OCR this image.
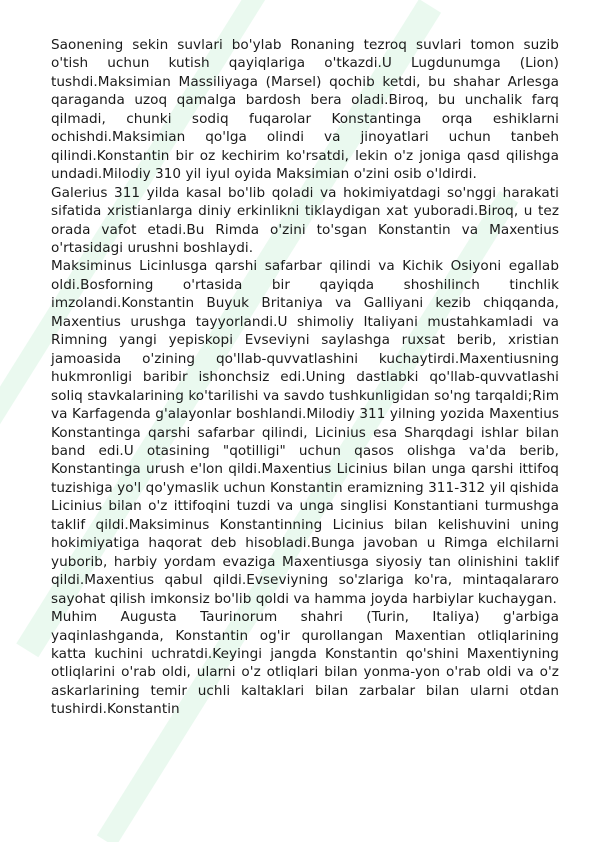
Saonening sekin suvlari bo'ylab Ronaning tezroq suvlari tomon suzib o'tish uchun kutish qayiqlariga o'tkazdi.U Lugdunumga (Lion) tushdi.Maksimian Massiliyaga (Marsel) qochib ketdi, bu shahar Arlesga qaraganda uzoq qamalga bardosh bera oladi.Biroq, bu unchalik farq qilmadi, chunki sodiq fuqarolar Konstantinga orqa eshiklarni ochishdi.Maksimian qo'lga olindi va jinoyatlari uchun tanbeh qilindi.Konstantin bir oz kechirim ko'rsatdi, lekin o'z joniga qasd qilishga undadi.Milodiy 310 yil iyul oyida Maksimian o'zini osib o'ldirdi.

Galerius 311 yilda kasal bo'lib qoladi va hokimiyatdagi so'nggi harakati sifatida xristianlarga diniy erkinlikni tiklaydigan xat yuboradi.Biroq, u tez orada vafot etadi.Bu Rimda o'zini to'sgan Konstantin va Maxentius o'rtasidagi urushni boshlaydi.

Maksiminus Licinlusga qarshi safarbar qilindi va Kichik Osiyoni egallab oldi.Bosforning o'rtasida bir qayiqda shoshilinch tinchlik imzolandi.Konstantin Buyuk Britaniya va Galliyani kezib chiqqanda, Maxentius urushga tayyorlandi.U shimoliy Italiyani mustahkamladi va Rimning yangi yepiskopi Evseviyni saylashga ruxsat berib, xristian jamoasida o'zining qo'llab-quvvatlashini kuchaytirdi.Maxentiusning hukmronligi baribir ishonchsiz edi.Uning dastlabki qo'llab-quvvatlashi soliq stavkalarining ko'tarilishi va savdo tushkunligidan so'ng tarqaldi;Rim va Karfagenda g'alayonlar boshlandi.Milodiy 311 yilning yozida Maxentius Konstantinga qarshi safarbar qilindi, Licinius esa Sharqdagi ishlar bilan band edi.U otasining "qotilligi" uchun qasos olishga va'da berib, Konstantinga urush e'lon qildi.Maxentius Licinius bilan unga qarshi ittifoq tuzishiga yo'l qo'ymaslik uchun Konstantin eramizning 311-312 yil qishida Licinius bilan o'z ittifoqini tuzdi va unga singlisi Konstantiani turmushga taklif qildi.Maksiminus Konstantinning Licinius bilan kelishuvini uning hokimiyatiga haqorat deb hisobladi.Bunga javoban u Rimga elchilarni yuborib, harbiy yordam evaziga Maxentiusga siyosiy tan olinishini taklif qildi.Maxentius qabul qildi.Evseviyning so'zlariga ko'ra, mintaqalararo sayohat qilish imkonsiz bo'lib qoldi va hamma joyda harbiylar kuchaygan.

Muhim Augusta Taurinorum shahri (Turin, Italiya) g'arbiga yaqinlashganda, Konstantin og'ir qurollangan Maxentian otliqlarining katta kuchini uchratdi.Keyingi jangda Konstantin qo'shini Maxentiyning otliqlarini o'rab oldi, ularni o'z otliqlari bilan yonma-yon o'rab oldi va o'z askarlarining temir uchli kaltaklari bilan zarbalar bilan ularni otdan tushirdi.Konstantin
